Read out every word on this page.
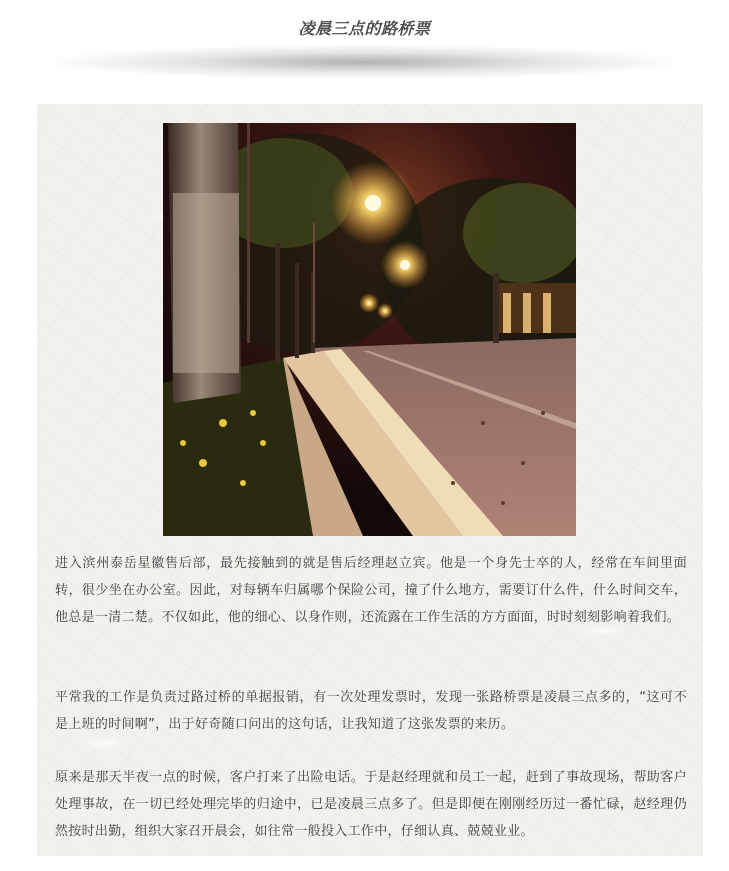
凌晨三点的路桥票

进入滨州泰岳星徽售后部，最先接触到的就是售后经理赵立宾。他是一个身先士卒的人，经常在车间里面转，很少坐在办公室。因此，对每辆车归属哪个保险公司，撞了什么地方，需要订什么件，什么时间交车，他总是一清二楚。不仅如此，他的细心、以身作则，还流露在工作生活的方方面面，时时刻刻影响着我们。

平常我的工作是负责过路过桥的单据报销，有一次处理发票时，发现一张路桥票是凌晨三点多的，“这可不是上班的时间啊”，出于好奇随口问出的这句话，让我知道了这张发票的来历。

原来是那天半夜一点的时候，客户打来了出险电话。于是赵经理就和员工一起，赶到了事故现场，帮助客户处理事故，在一切已经处理完毕的归途中，已是凌晨三点多了。但是即便在刚刚经历过一番忙碌，赵经理仍然按时出勤，组织大家召开晨会，如往常一般投入工作中，仔细认真、兢兢业业。
